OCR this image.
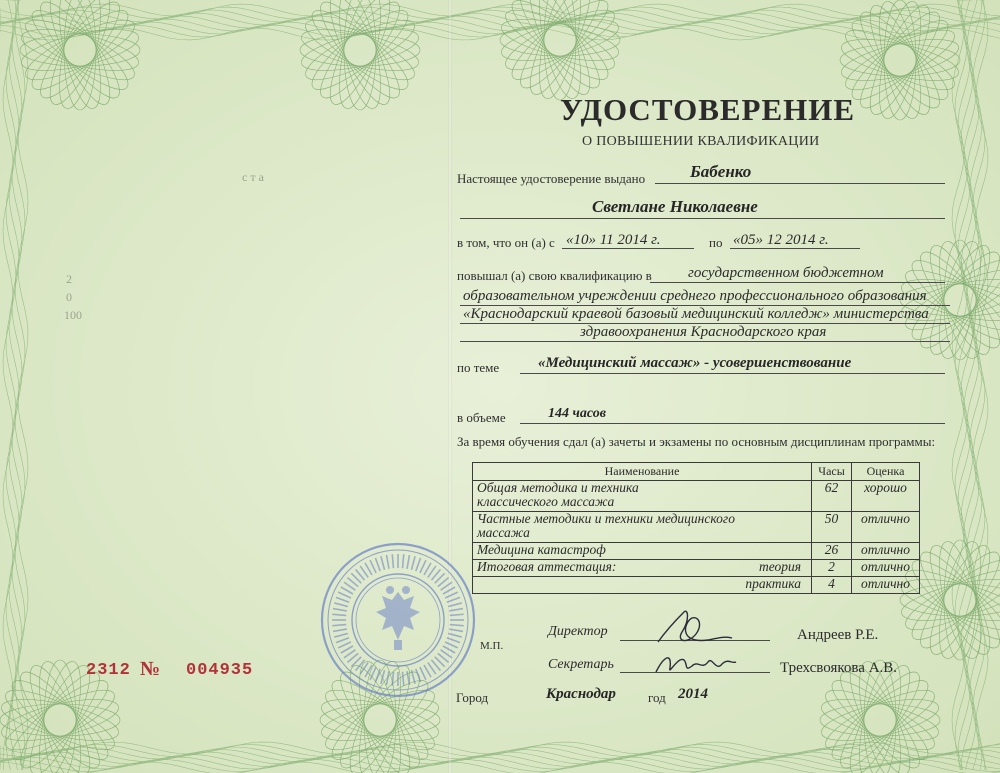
с т а
2
0
100
УДОСТОВЕРЕНИЕ
О ПОВЫШЕНИИ КВАЛИФИКАЦИИ
Настоящее удостоверение выдано	Бабенко
Светлане Николаевне
в том, что он (а) с «10» 11 2014 г.	по «05» 12 2014 г.
повышал (а) свою квалификацию в государственном бюджетном
образовательном учреждении среднего профессионального образования
«Краснодарский краевой базовый медицинский колледж» министерства
здравоохранения Краснодарского края
по теме	«Медицинский массаж» - усовершенствование
в объеме	144 часов
За время обучения сдал (а) зачеты и экзамены по основным дисциплинам программы:
Наименование	Часы	Оценка

Общая методика и техника
классического массажа	62	хорошо

Частные методики и техники медицинского
массажа	50	отлично
Медицина катастроф	26	отлично
Итоговая аттестация: теория	2	отлично
практика	4	отлично
М.П.
Директор	Андреев Р.Е.
Секретарь	Трехсвоякова А.В.
Город	Краснодар год 2014
2312 № 004935
